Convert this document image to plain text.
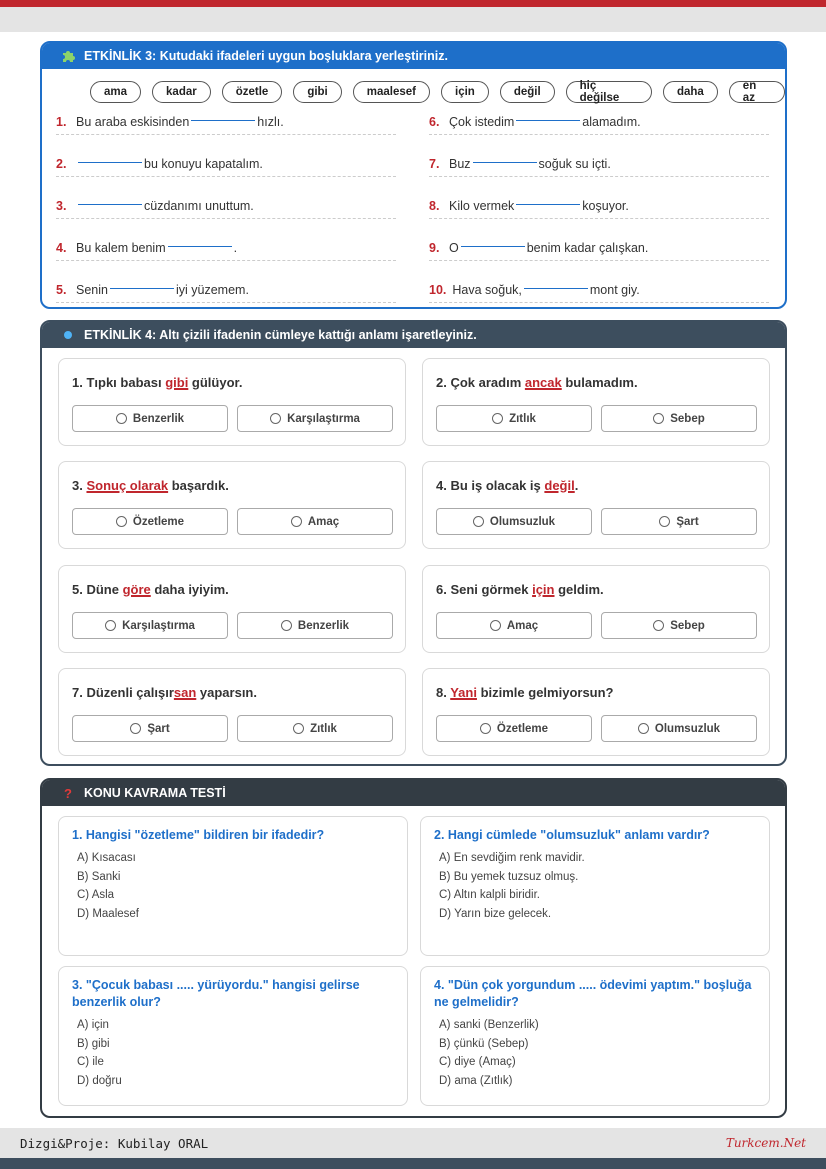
ETKİNLİK 3: Kutudaki ifadeleri uygun boşluklara yerleştiriniz.
ama	kadar	özetle	gibi	maalesef	için	değil	hiç değilse	daha	en az
1. Bu araba eskisinden	hızlı.
2.	bu konuyu kapatalım.
3.	cüzdanımı unuttum.
4. Bu kalem benim	.
5. Senin	iyi yüzemem.
6. Çok istedim	alamadım.
7. Buz	soğuk su içti.
8. Kilo vermek	koşuyor.
9. O	benim kadar çalışkan.
10. Hava soğuk,	mont giy.
ETKİNLİK 4: Altı çizili ifadenin cümleye kattığı anlamı işaretleyiniz.
1. Tıpkı babası gibi gülüyor.
Benzerlik	Karşılaştırma
2. Çok aradım ancak bulamadım.
Zıtlık	Sebep
3. Sonuç olarak başardık.
Özetleme	Amaç
4. Bu iş olacak iş değil.
Olumsuzluk	Şart
5. Düne göre daha iyiyim.
Karşılaştırma	Benzerlik
6. Seni görmek için geldim.
Amaç	Sebep
7. Düzenli çalışırsan yaparsın.
Şart	Zıtlık
8. Yani bizimle gelmiyorsun?
Özetleme	Olumsuzluk
? KONU KAVRAMA TESTİ
1. Hangisi "özetleme" bildiren bir ifadedir?
A) Kısacası
B) Sanki
C) Asla
D) Maalesef
2. Hangi cümlede "olumsuzluk" anlamı vardır?
A) En sevdiğim renk mavidir.
B) Bu yemek tuzsuz olmuş.
C) Altın kalpli biridir.
D) Yarın bize gelecek.
3. "Çocuk babası ..... yürüyordu." hangisi gelirse benzerlik olur?
A) için
B) gibi
C) ile
D) doğru
4. "Dün çok yorgundum ..... ödevimi yaptım." boşluğa ne gelmelidir?
A) sanki (Benzerlik)
B) çünkü (Sebep)
C) diye (Amaç)
D) ama (Zıtlık)
Dizgi&Proje: Kubilay ORAL	Turkcem.Net
